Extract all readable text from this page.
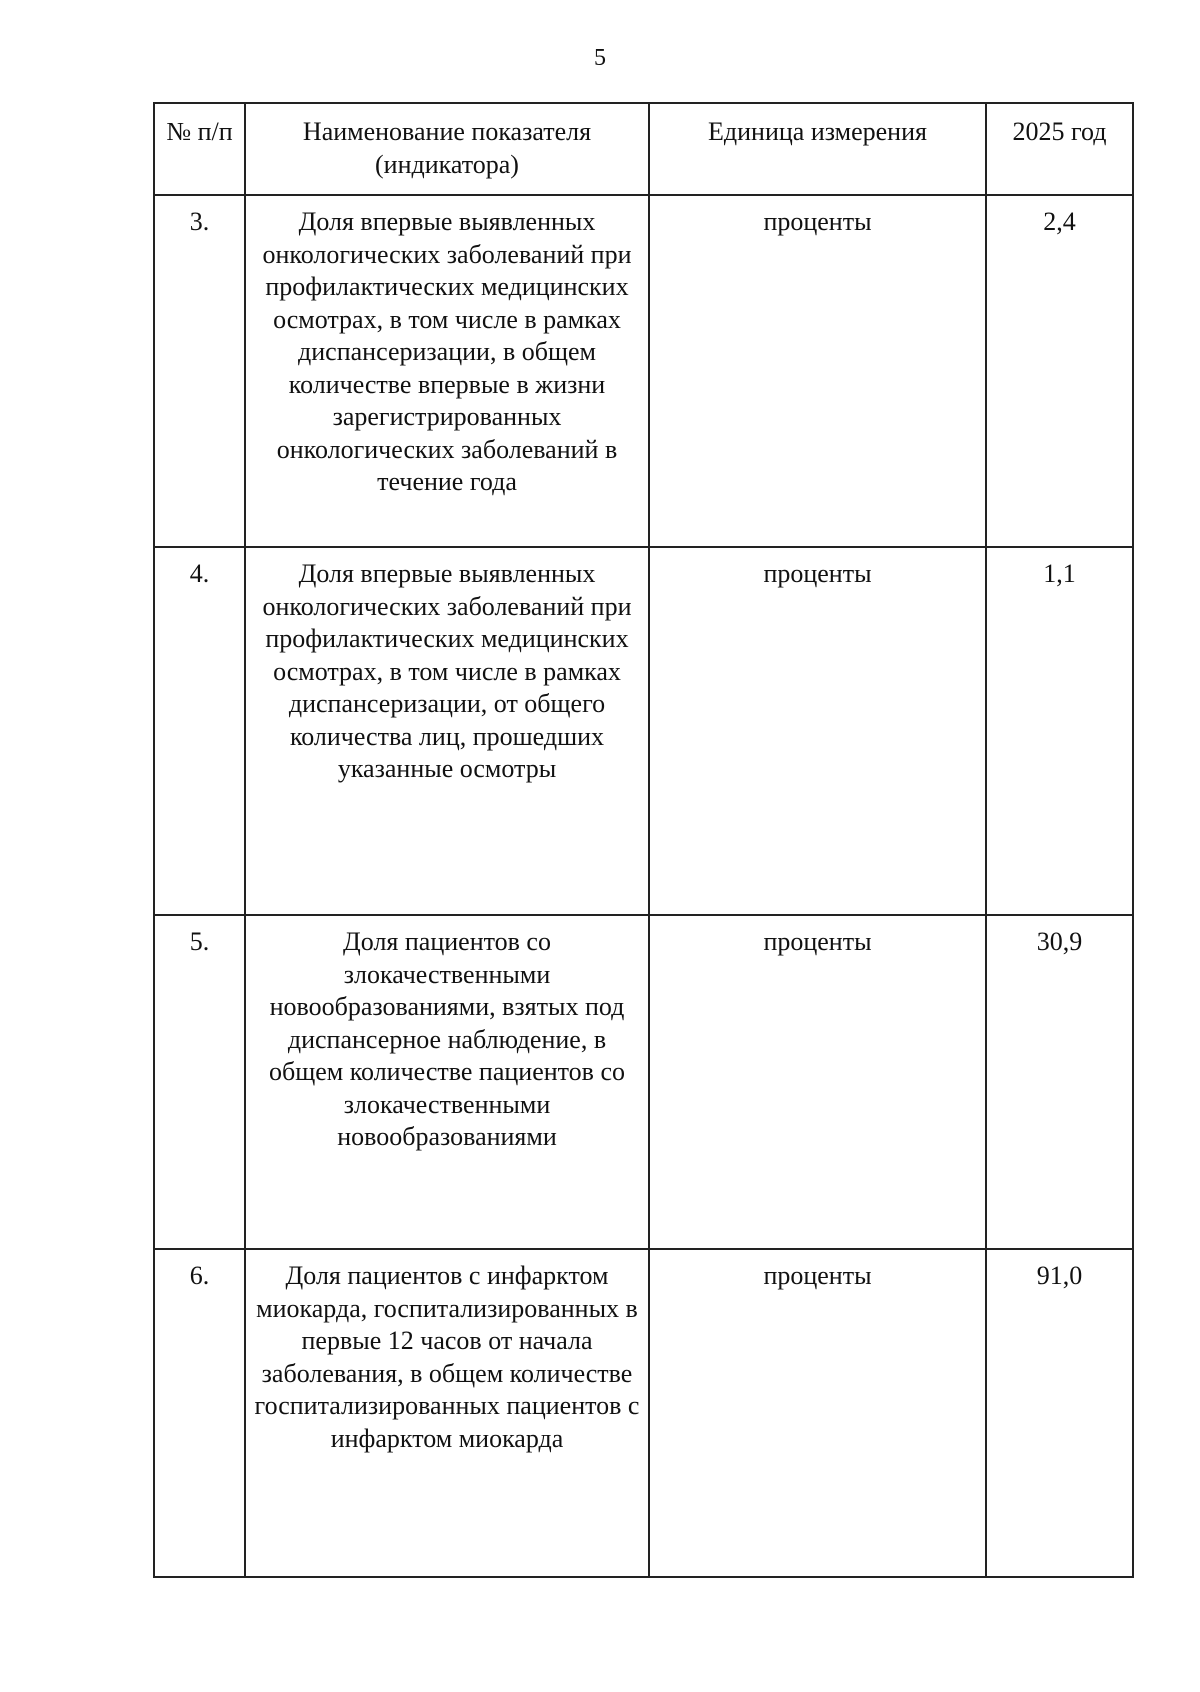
5
№ п/п	Наименование показателя (индикатора)	Единица измерения	2025 год
3.	Доля впервые выявленных онкологических заболеваний при профилактических медицинских осмотрах, в том числе в рамках диспансеризации, в общем количестве впервые в жизни зарегистрированных онкологических заболеваний в течение года	проценты	2,4
4.	Доля впервые выявленных онкологических заболеваний при профилактических медицинских осмотрах, в том числе в рамках диспансеризации, от общего количества лиц, прошедших указанные осмотры	проценты	1,1
5.	Доля пациентов со злокачественными новообразованиями, взятых под диспансерное наблюдение, в общем количестве пациентов со злокачественными новообразованиями	проценты	30,9
6.	Доля пациентов с инфарктом миокарда, госпитализированных в первые 12 часов от начала заболевания, в общем количестве госпитализированных пациентов с инфарктом миокарда	проценты	91,0
